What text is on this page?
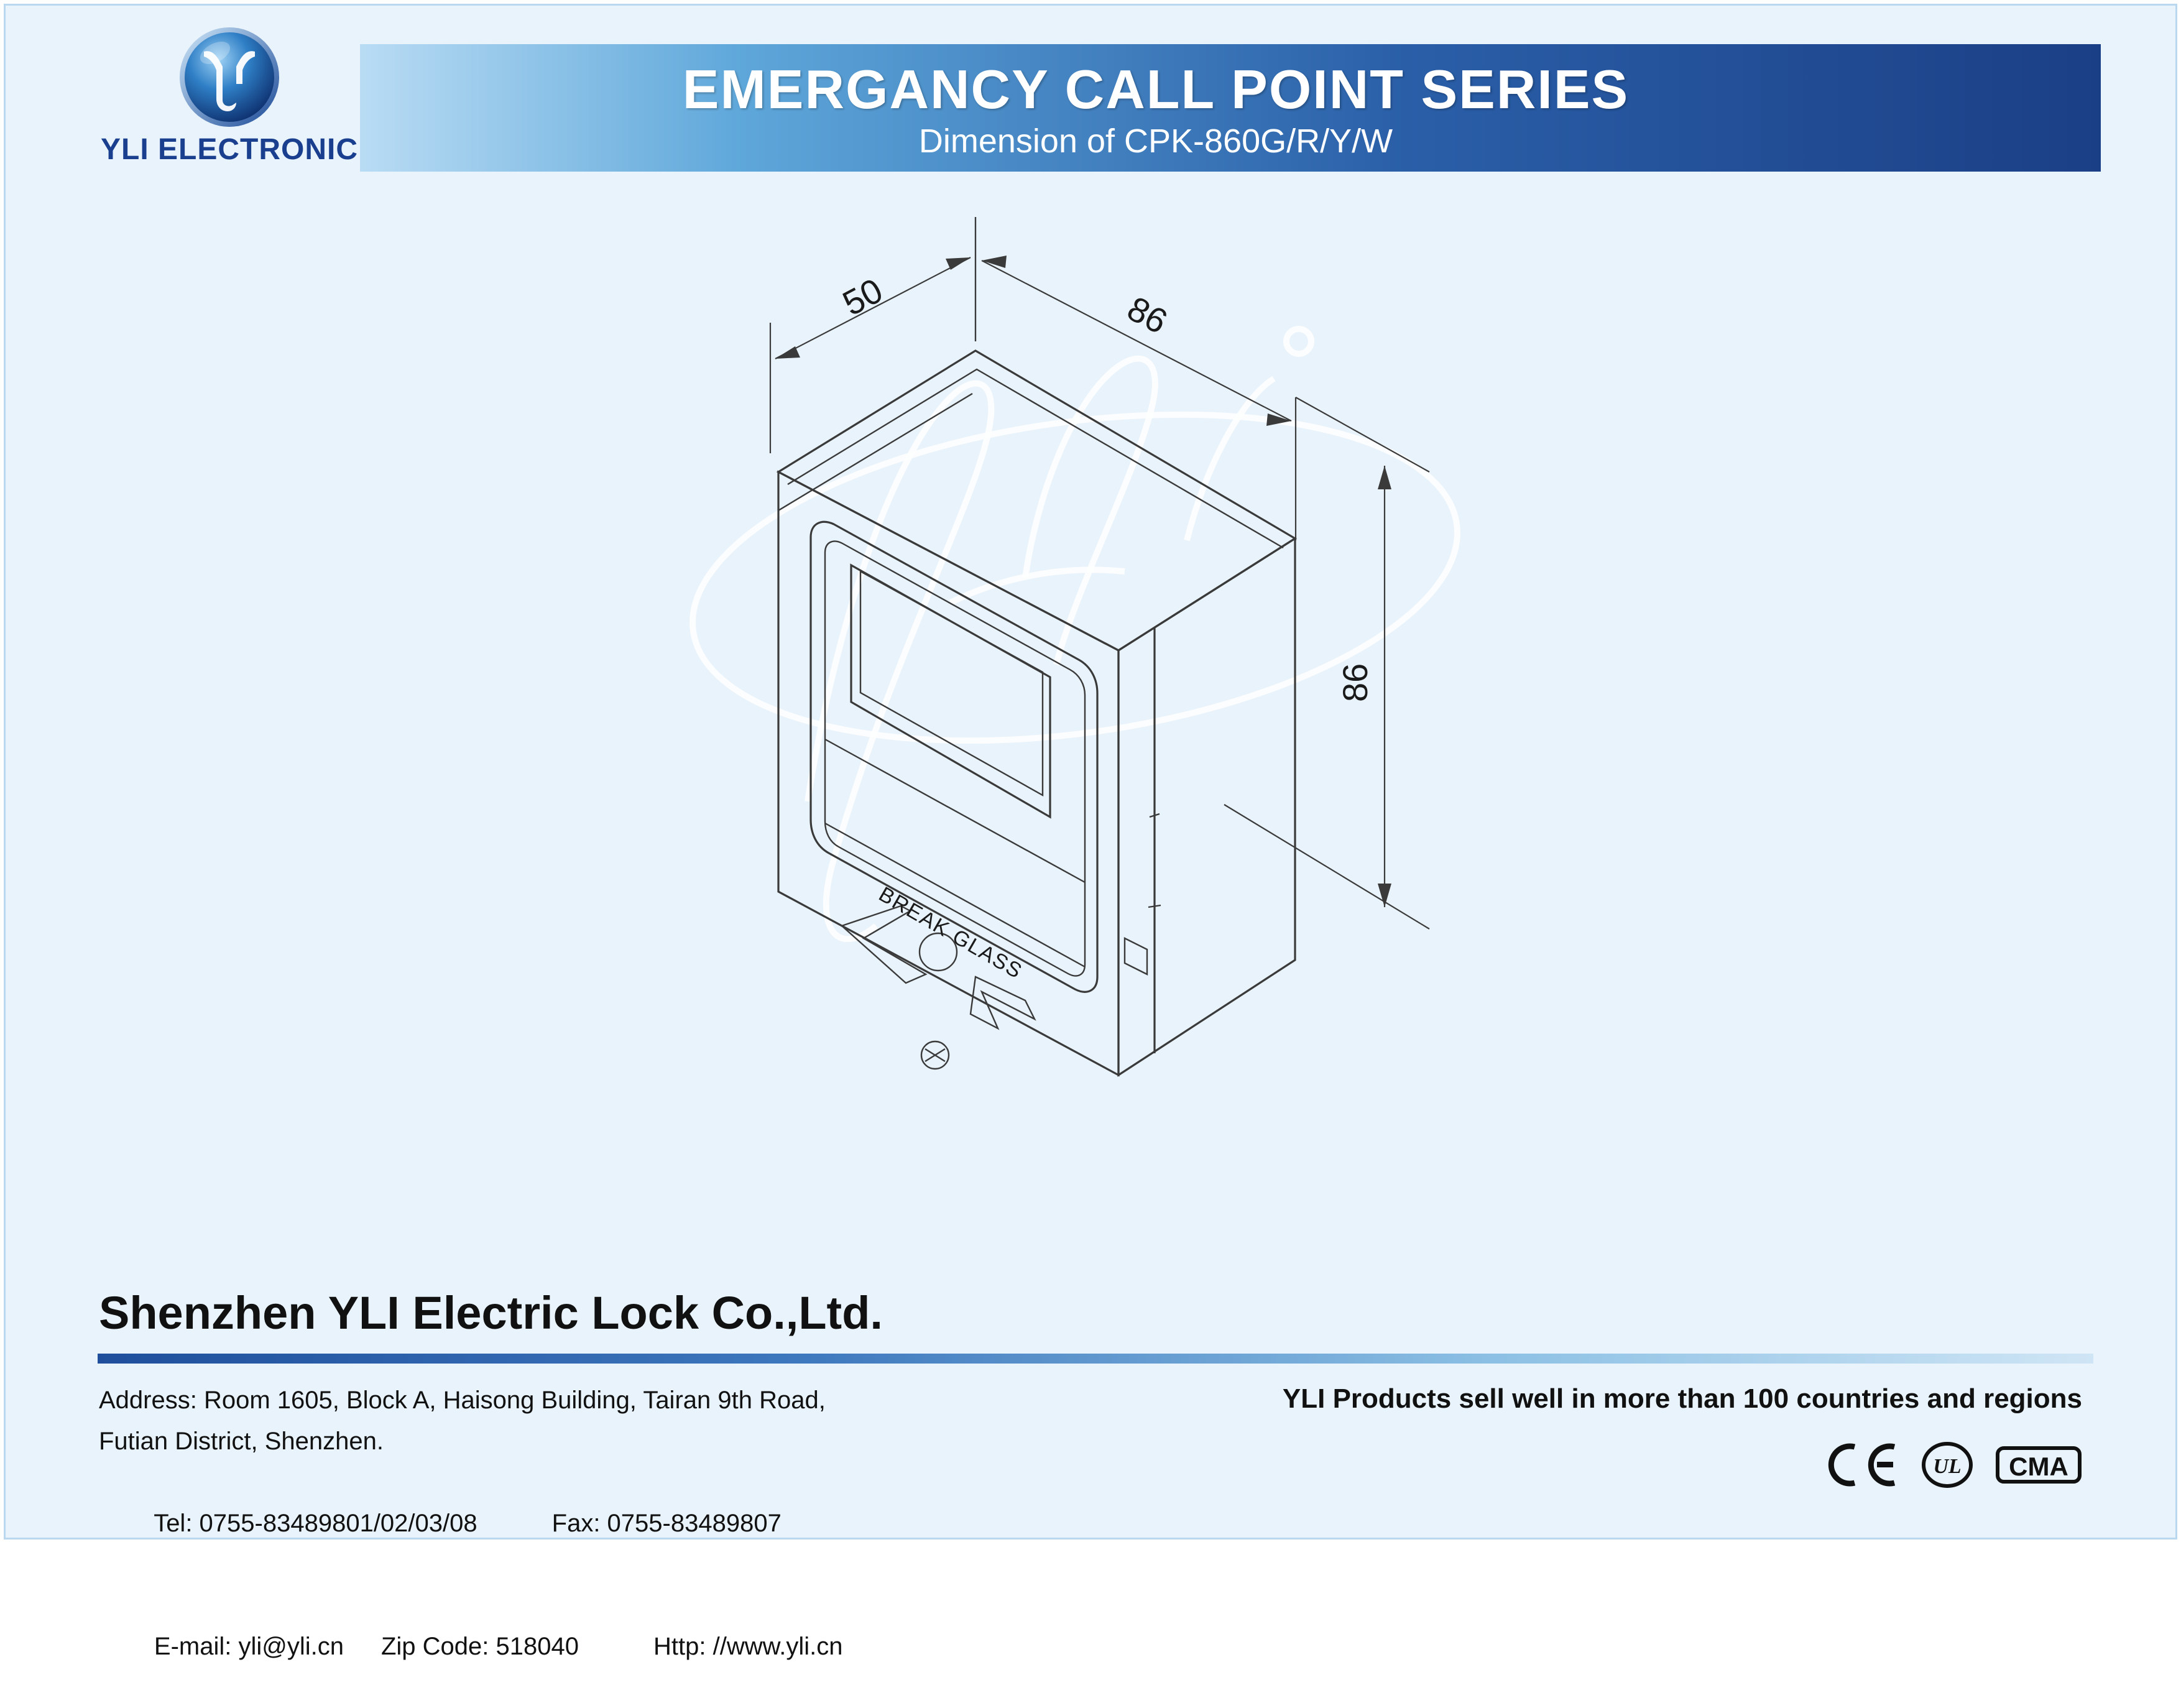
YLI ELECTRONIC
EMERGANCY CALL POINT SERIES
Dimension of CPK-860G/R/Y/W
50	86
86
BREAK GLASS
Shenzhen YLI Electric Lock Co.,Ltd.
Address: Room 1605, Block A, Haisong Building, Tairan 9th Road,
Futian District, Shenzhen.

Tel: 0755-83489801/02/03/08	Fax: 0755-83489807

E-mail: yli@yli.cn Zip Code: 518040	Http: //www.yli.cn

YLI Products sell well in more than 100 countries and regions
UL CMA
